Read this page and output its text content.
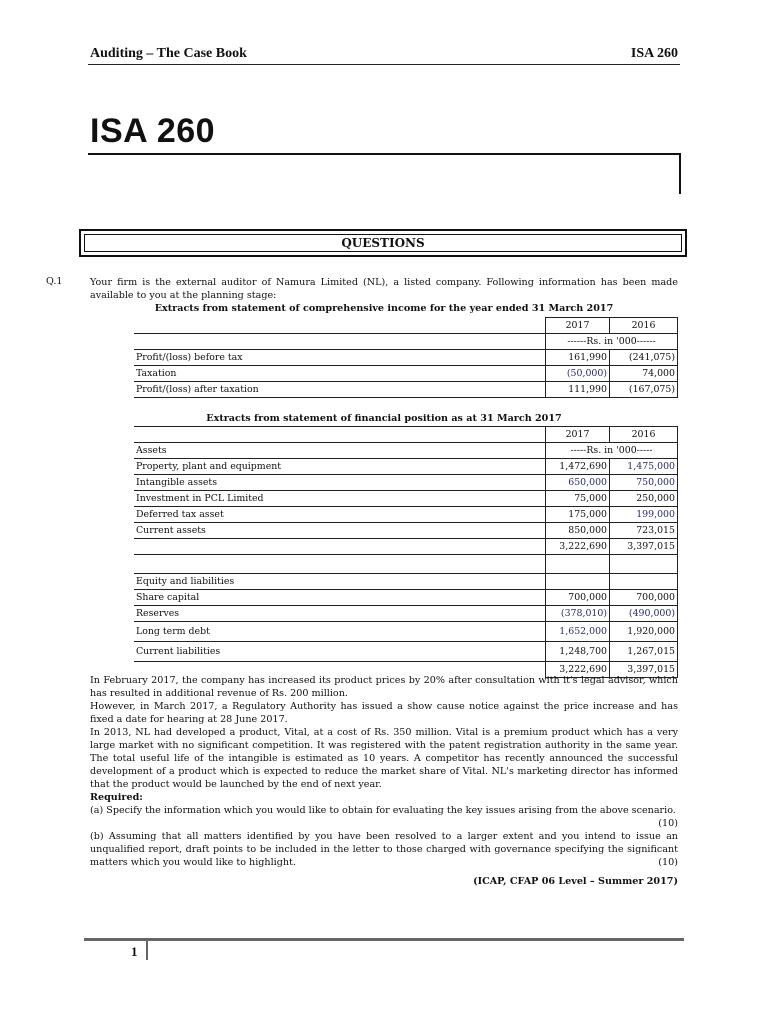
Auditing – The Case Book	ISA 260
ISA 260
QUESTIONS
Q.1	Your firm is the external auditor of Namura Limited (NL), a listed company. Following information has been made available to you at the planning stage:
Extracts from statement of comprehensive income for the year ended 31 March 2017
	2017	2016
	------Rs. in '000------	
Profit/(loss) before tax	161,990	(241,075)
Taxation	(50,000)	74,000
Profit/(loss) after taxation	111,990	(167,075)
Extracts from statement of financial position as at 31 March 2017
	2017	2016
Assets	-----Rs. in '000-----	
Property, plant and equipment	1,472,690	1,475,000
Intangible assets	650,000	750,000
Investment in PCL Limited	75,000	250,000
Deferred tax asset	175,000	199,000
Current assets	850,000	723,015
	3,222,690	3,397,015

Equity and liabilities		
Share capital	700,000	700,000
Reserves	(378,010)	(490,000)
Long term debt	1,652,000	1,920,000
Current liabilities	1,248,700	1,267,015
	3,222,690	3,397,015
In February 2017, the company has increased its product prices by 20% after consultation with it's legal advisor, which has resulted in additional revenue of Rs. 200 million.
However, in March 2017, a Regulatory Authority has issued a show cause notice against the price increase and has fixed a date for hearing at 28 June 2017.
In 2013, NL had developed a product, Vital, at a cost of Rs. 350 million. Vital is a premium product which has a very large market with no significant competition. It was registered with the patent registration authority in the same year. The total useful life of the intangible is estimated as 10 years. A competitor has recently announced the successful development of a product which is expected to reduce the market share of Vital. NL's marketing director has informed that the product would be launched by the end of next year.
Required:
(a) Specify the information which you would like to obtain for evaluating the key issues arising from the above scenario.
(10)
(b) Assuming that all matters identified by you have been resolved to a larger extent and you intend to issue an unqualified report, draft points to be included in the letter to those charged with governance specifying the significant matters which you would like to highlight.	(10)
(ICAP, CFAP 06 Level – Summer 2017)
1
